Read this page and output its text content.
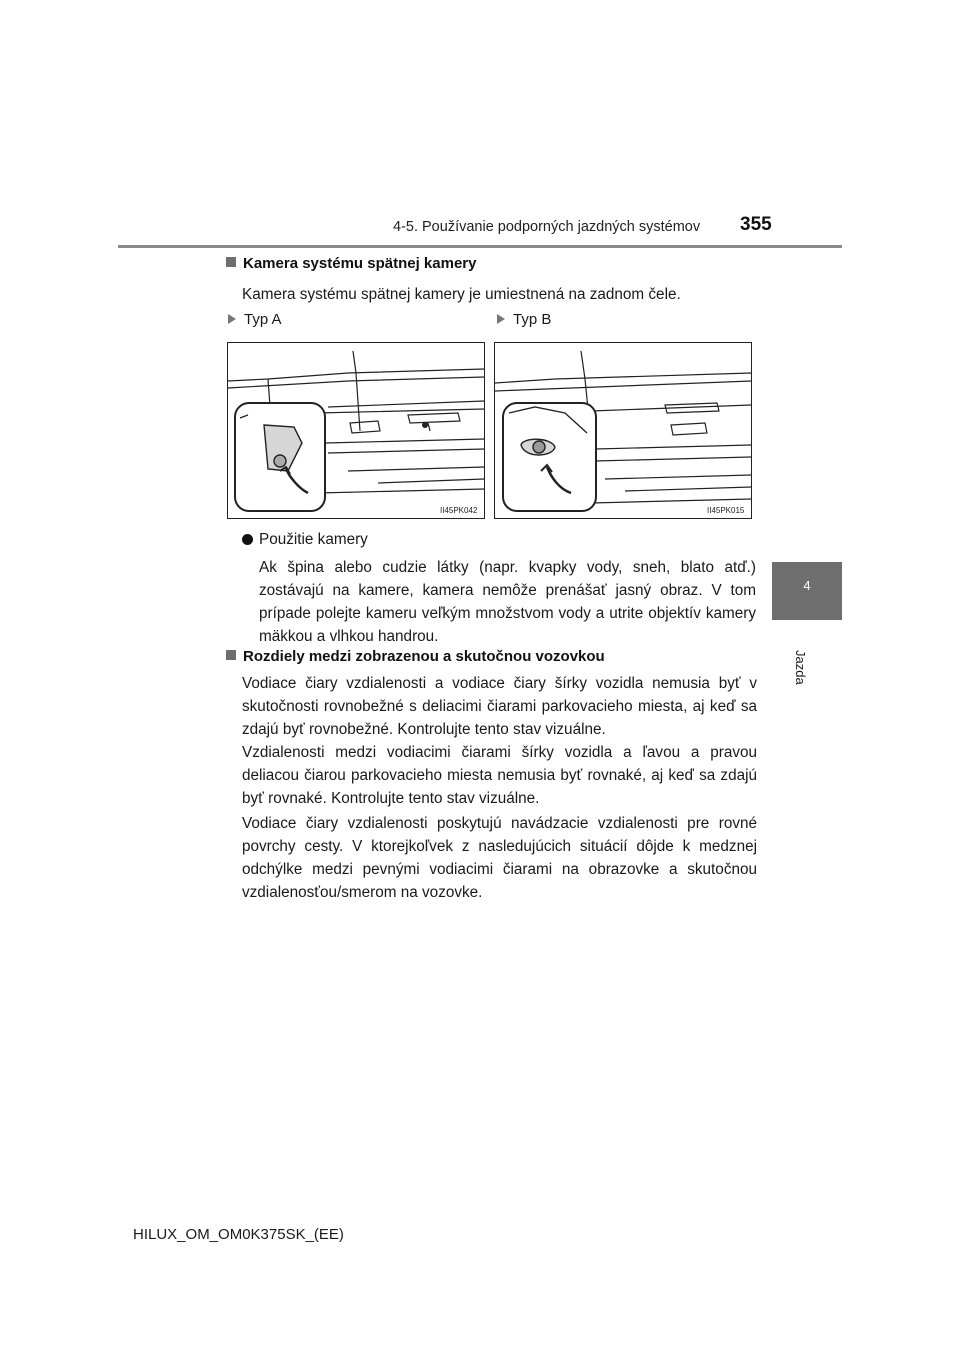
4-5. Používanie podporných jazdných systémov 355
4
Jazda
Kamera systému spätnej kamery
Kamera systému spätnej kamery je umiestnená na zadnom čele.
Typ A	Typ B
II45PK042	II45PK015
Použitie kamery
Ak špina alebo cudzie látky (napr. kvapky vody, sneh, blato atď.) zostávajú na kamere, kamera nemôže prenášať jasný obraz. V tom prípade polejte kameru veľkým množstvom vody a utrite objektív kamery mäkkou a vlhkou handrou.
Rozdiely medzi zobrazenou a skutočnou vozovkou
Vodiace čiary vzdialenosti a vodiace čiary šírky vozidla nemusia byť v skutočnosti rovnobežné s deliacimi čiarami parkovacieho miesta, aj keď sa zdajú byť rovnobežné. Kontrolujte tento stav vizuálne.
Vzdialenosti medzi vodiacimi čiarami šírky vozidla a ľavou a pravou deliacou čiarou parkovacieho miesta nemusia byť rovnaké, aj keď sa zdajú byť rovnaké. Kontrolujte tento stav vizuálne.
Vodiace čiary vzdialenosti poskytujú navádzacie vzdialenosti pre rovné povrchy cesty. V ktorejkoľvek z nasledujúcich situácií dôjde k medznej odchýlke medzi pevnými vodiacimi čiarami na obrazovke a skutočnou vzdialenosťou/smerom na vozovke.
HILUX_OM_OM0K375SK_(EE)
